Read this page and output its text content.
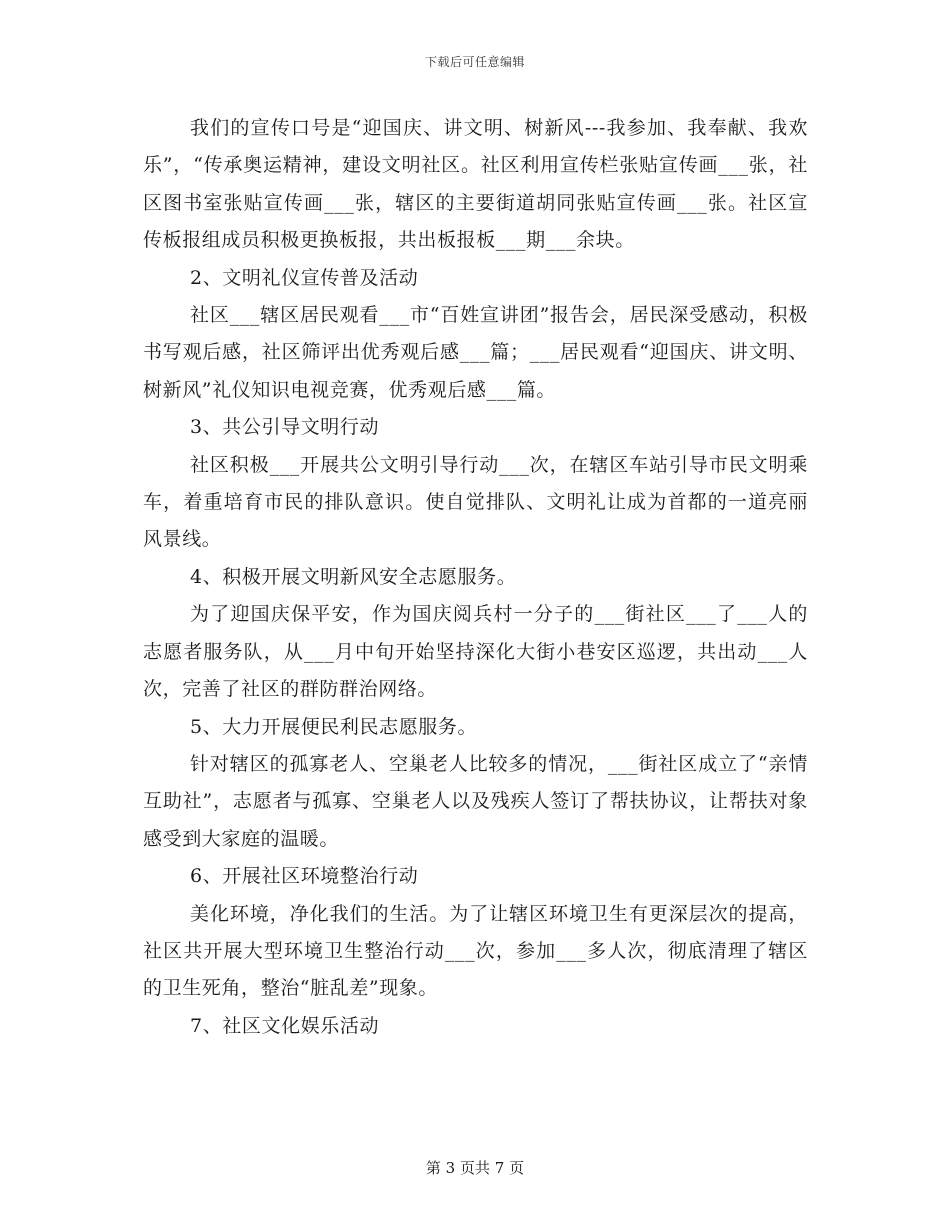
下载后可任意编辑

我们的宣传口号是“迎国庆、讲文明、树新风---我参加、我奉献、我欢乐”，“传承奥运精神，建设文明社区。社区利用宣传栏张贴宣传画___张，社区图书室张贴宣传画___张，辖区的主要街道胡同张贴宣传画___张。社区宣传板报组成员积极更换板报，共出板报板___期___余块。

2、文明礼仪宣传普及活动

社区___辖区居民观看___市“百姓宣讲团”报告会，居民深受感动，积极书写观后感，社区筛评出优秀观后感___篇；___居民观看“迎国庆、讲文明、树新风”礼仪知识电视竞赛，优秀观后感___篇。

3、共公引导文明行动

社区积极___开展共公文明引导行动___次，在辖区车站引导市民文明乘车，着重培育市民的排队意识。使自觉排队、文明礼让成为首都的一道亮丽风景线。

4、积极开展文明新风安全志愿服务。

为了迎国庆保平安，作为国庆阅兵村一分子的___街社区___了___人的志愿者服务队，从___月中旬开始坚持深化大街小巷安区巡逻，共出动___人次，完善了社区的群防群治网络。

5、大力开展便民利民志愿服务。

针对辖区的孤寡老人、空巢老人比较多的情况，___街社区成立了“亲情互助社”，志愿者与孤寡、空巢老人以及残疾人签订了帮扶协议，让帮扶对象感受到大家庭的温暖。

6、开展社区环境整治行动

美化环境，净化我们的生活。为了让辖区环境卫生有更深层次的提高，社区共开展大型环境卫生整治行动___次，参加___多人次，彻底清理了辖区的卫生死角，整治“脏乱差”现象。

7、社区文化娱乐活动

第 3 页共 7 页
